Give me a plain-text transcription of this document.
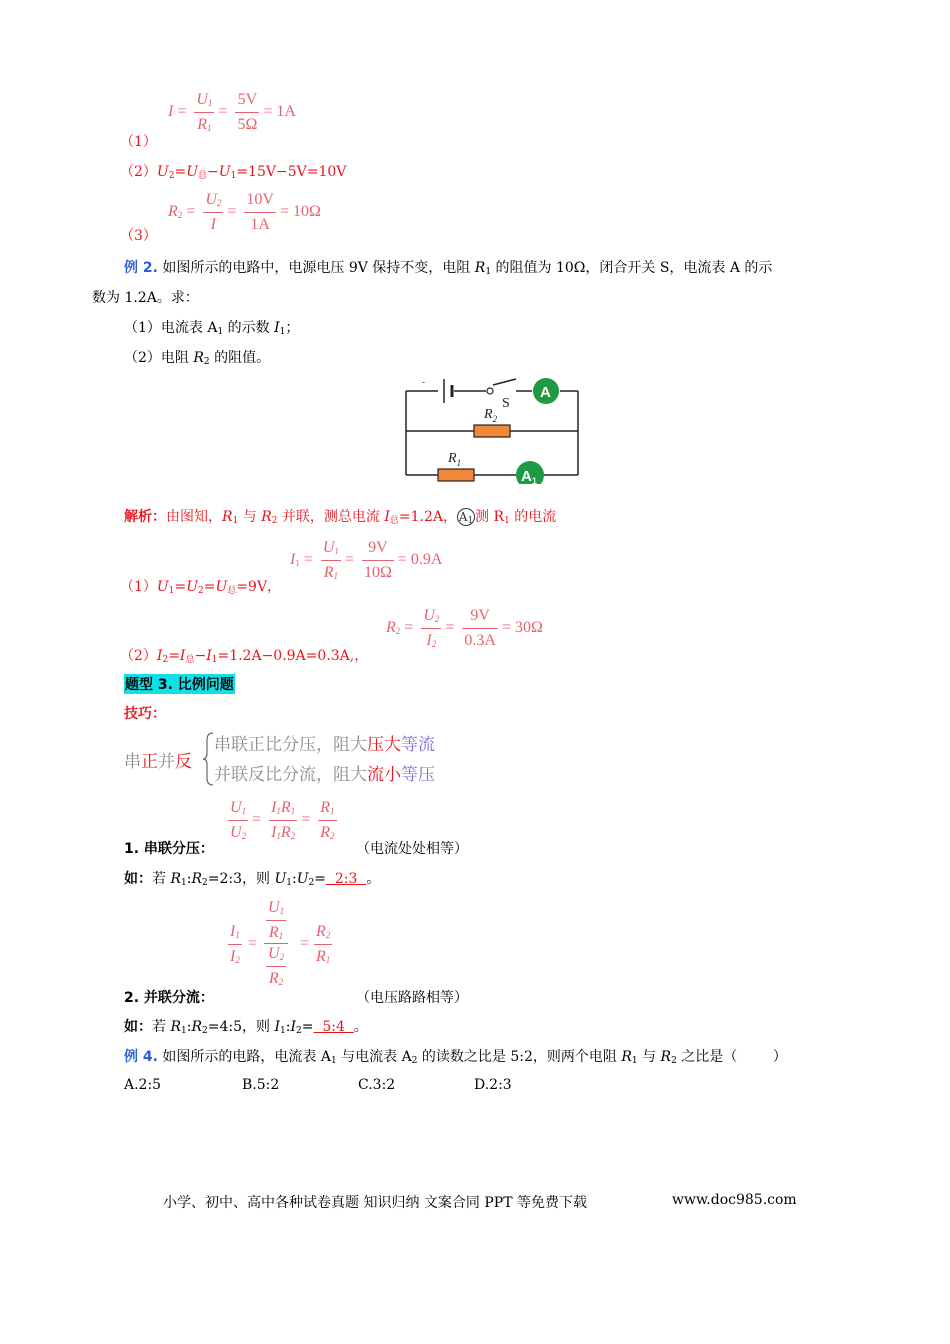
$I = \frac{U_1}{R_1} = \frac{5V}{5\Omega} = 1A$
（1）
$(2)U_2=U_总-U_1=15V-5V=10V$
$R_2 = \frac{U_2}{I} = \frac{10V}{1A} = 10\Omega$
（3）
例 2. 如图所示的电路中，电源电压 9V 保持不变，电阻 $R_1$ 的阻值为 10Ω，闭合开关 S，电流表 A 的示
数为 1.2A。求：
（1）电流表 $A_1$ 的示数 $I_1$；
（2）电阻 $R_2$ 的阻值。
-
S
A
$R_2$
$R_1$
$A_1$
解析：由图知，$R_1$ 与 $R_2$ 并联，测总电流 $I_总=1.2A$， $A_1$ 测 $R_1$ 的电流
$I_1 = \frac{U_1}{R_1} = \frac{9V}{10\Omega} = 0.9A$
$(1)U_1=U_2=U_总=9V$，
$R_2 = \frac{U_2}{I_2} = \frac{9V}{0.3A} = 30\Omega$
$(2)I_2=I_总-I_1=1.2A-0.9A=0.3A$,，
题型 3. 比例问题
技巧：
串正并反
串联正比分压，阻大压大等流
并联反比分流，阻大流小等压
$\frac{U_1}{U_2} = \frac{I_1R_1}{I_1R_2} = \frac{R_1}{R_2}$
1. 串联分压：	（电流处处相等）
如：若 $R_1:R_2=2:3$，则 $U_1:U_2=$ 2:3 。
$\frac{I_1}{I_2} = \frac{\frac{U_1}{R_1}}{\frac{U_2}{R_2}} = \frac{R_2}{R_1}$
2. 并联分流：	（电压路路相等）
如：若 $R_1:R_2=4:5$，则 $I_1:I_2=$ 5:4 。
例 4. 如图所示的电路，电流表 $A_1$ 与电流表 $A_2$ 的读数之比是 5:2，则两个电阻 $R_1$ 与 $R_2$ 之比是（        ）
A.2:5	B.5:2	C.3:2	D.2:3
小学、初中、高中各种试卷真题 知识归纳 文案合同 PPT 等免费下载	www.doc985.com
